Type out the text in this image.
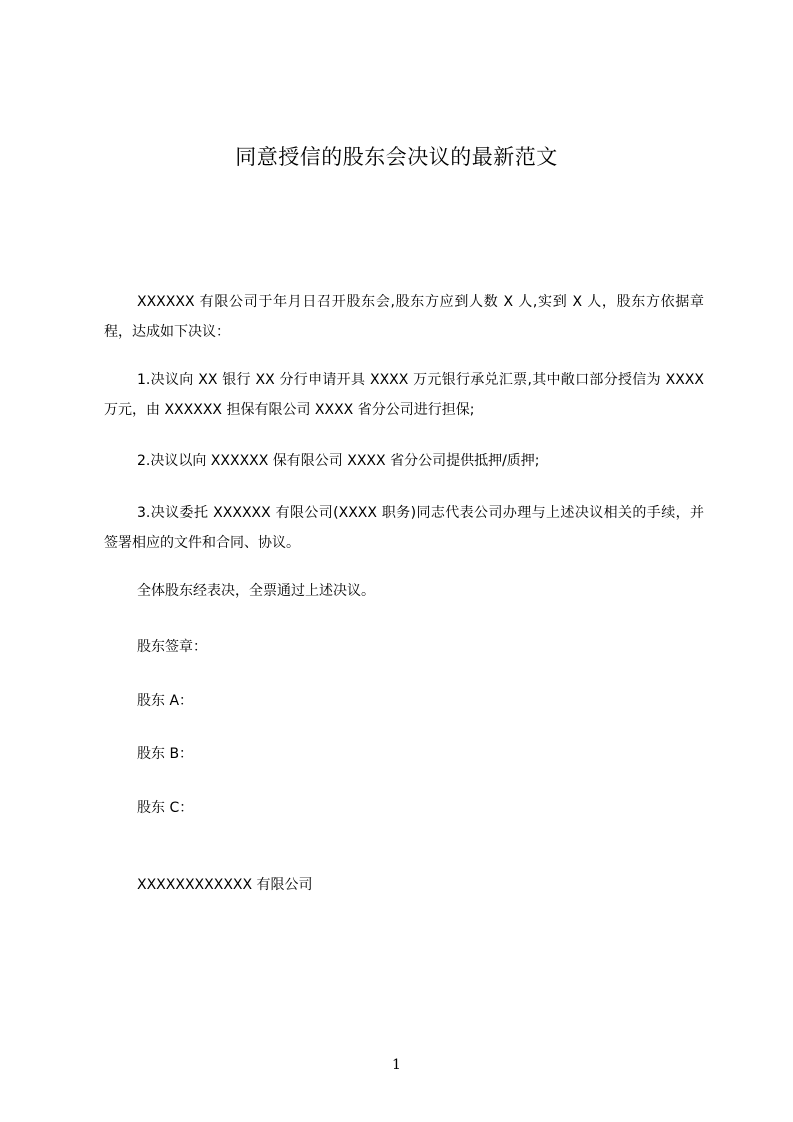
同意授信的股东会决议的最新范文
XXXXXX 有限公司于年月日召开股东会,股东方应到人数 X 人,实到 X 人，股东方依据章程，达成如下决议：
1.决议向 XX 银行 XX 分行申请开具 XXXX 万元银行承兑汇票,其中敞口部分授信为 XXXX 万元，由 XXXXXX 担保有限公司 XXXX 省分公司进行担保;
2.决议以向 XXXXXX 保有限公司 XXXX 省分公司提供抵押/质押;
3.决议委托 XXXXXX 有限公司(XXXX 职务)同志代表公司办理与上述决议相关的手续，并签署相应的文件和合同、协议。
全体股东经表决，全票通过上述决议。
股东签章：
股东 A：
股东 B：
股东 C：
XXXXXXXXXXXX 有限公司
1
